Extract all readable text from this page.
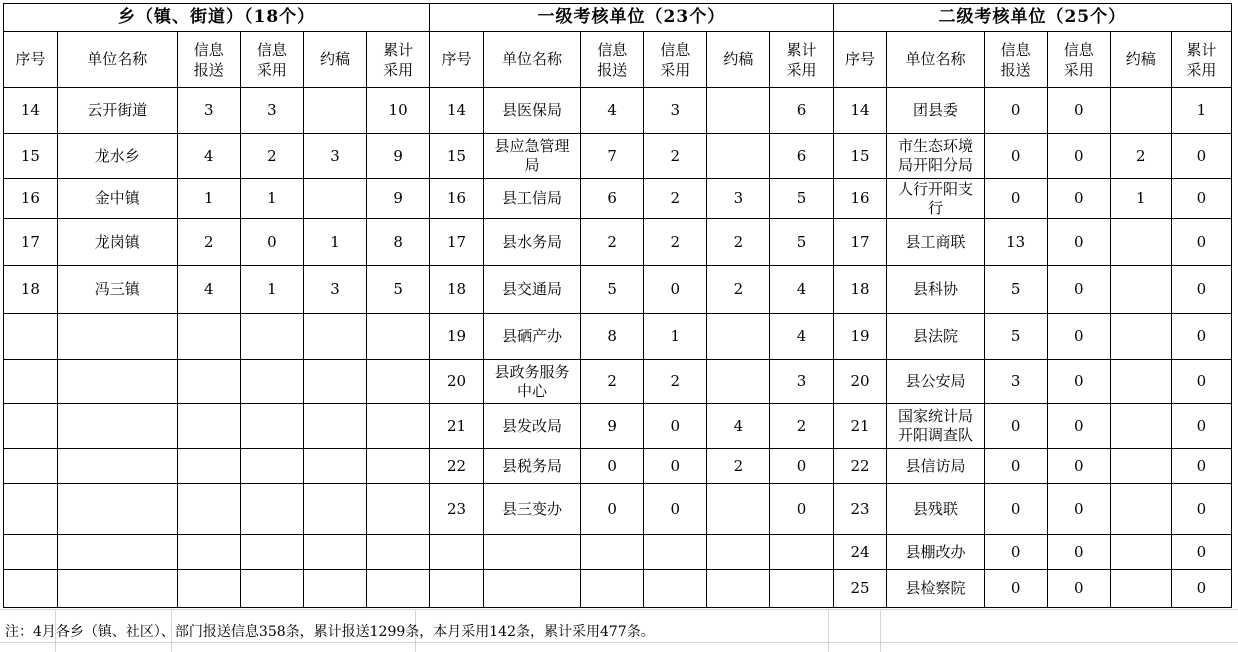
乡（镇、街道）（18个）						一级考核单位（23个）						二级考核单位（25个）					
序号	单位名称	信息报送	信息采用	约稿	累计采用	序号	单位名称	信息报送	信息采用	约稿	累计采用	序号	单位名称	信息报送	信息采用	约稿	累计采用
14	云开街道	3	3		10	14	县医保局	4	3		6	14	团县委	0	0		1
15	龙水乡	4	2	3	9	15	县应急管理局	7	2		6	15	市生态环境局开阳分局	0	0	2	0
16	金中镇	1	1		9	16	县工信局	6	2	3	5	16	人行开阳支行	0	0	1	0
17	龙岗镇	2	0	1	8	17	县水务局	2	2	2	5	17	县工商联	13	0		0
18	冯三镇	4	1	3	5	18	县交通局	5	0	2	4	18	县科协	5	0		0
						19	县硒产办	8	1		4	19	县法院	5	0		0
						20	县政务服务中心	2	2		3	20	县公安局	3	0		0
						21	县发改局	9	0	4	2	21	国家统计局开阳调查队	0	0		0
						22	县税务局	0	0	2	0	22	县信访局	0	0		0
						23	县三变办	0	0		0	23	县残联	0	0		0
												24	县棚改办	0	0		0
												25	县检察院	0	0		0
注：4月各乡（镇、社区）、部门报送信息358条，累计报送1299条，本月采用142条，累计采用477条。
